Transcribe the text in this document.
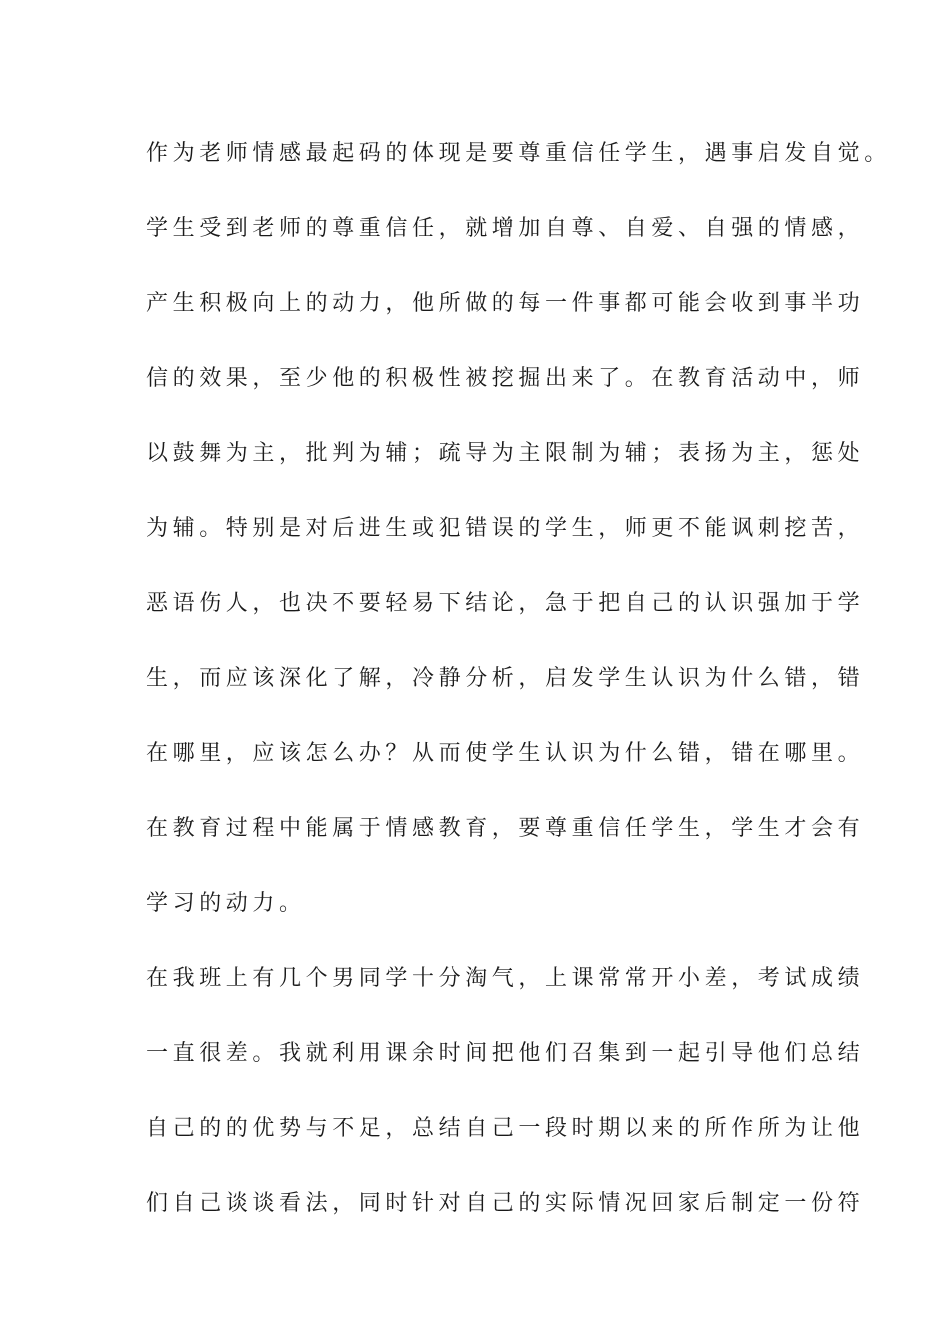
作为老师情感最起码的体现是要尊重信任学生，遇事启发自觉。
学生受到老师的尊重信任，就增加自尊、自爱、自强的情感，
产生积极向上的动力，他所做的每一件事都可能会收到事半功
信的效果，至少他的积极性被挖掘出来了。在教育活动中，师
以鼓舞为主，批判为辅；疏导为主限制为辅；表扬为主，惩处
为辅。特别是对后进生或犯错误的学生，师更不能讽刺挖苦，
恶语伤人，也决不要轻易下结论，急于把自己的认识强加于学
生，而应该深化了解，冷静分析，启发学生认识为什么错，错
在哪里，应该怎么办？从而使学生认识为什么错，错在哪里。
在教育过程中能属于情感教育，要尊重信任学生，学生才会有
学习的动力。
在我班上有几个男同学十分淘气，上课常常开小差，考试成绩
一直很差。我就利用课余时间把他们召集到一起引导他们总结
自己的的优势与不足，总结自己一段时期以来的所作所为让他
们自己谈谈看法，同时针对自己的实际情况回家后制定一份符
